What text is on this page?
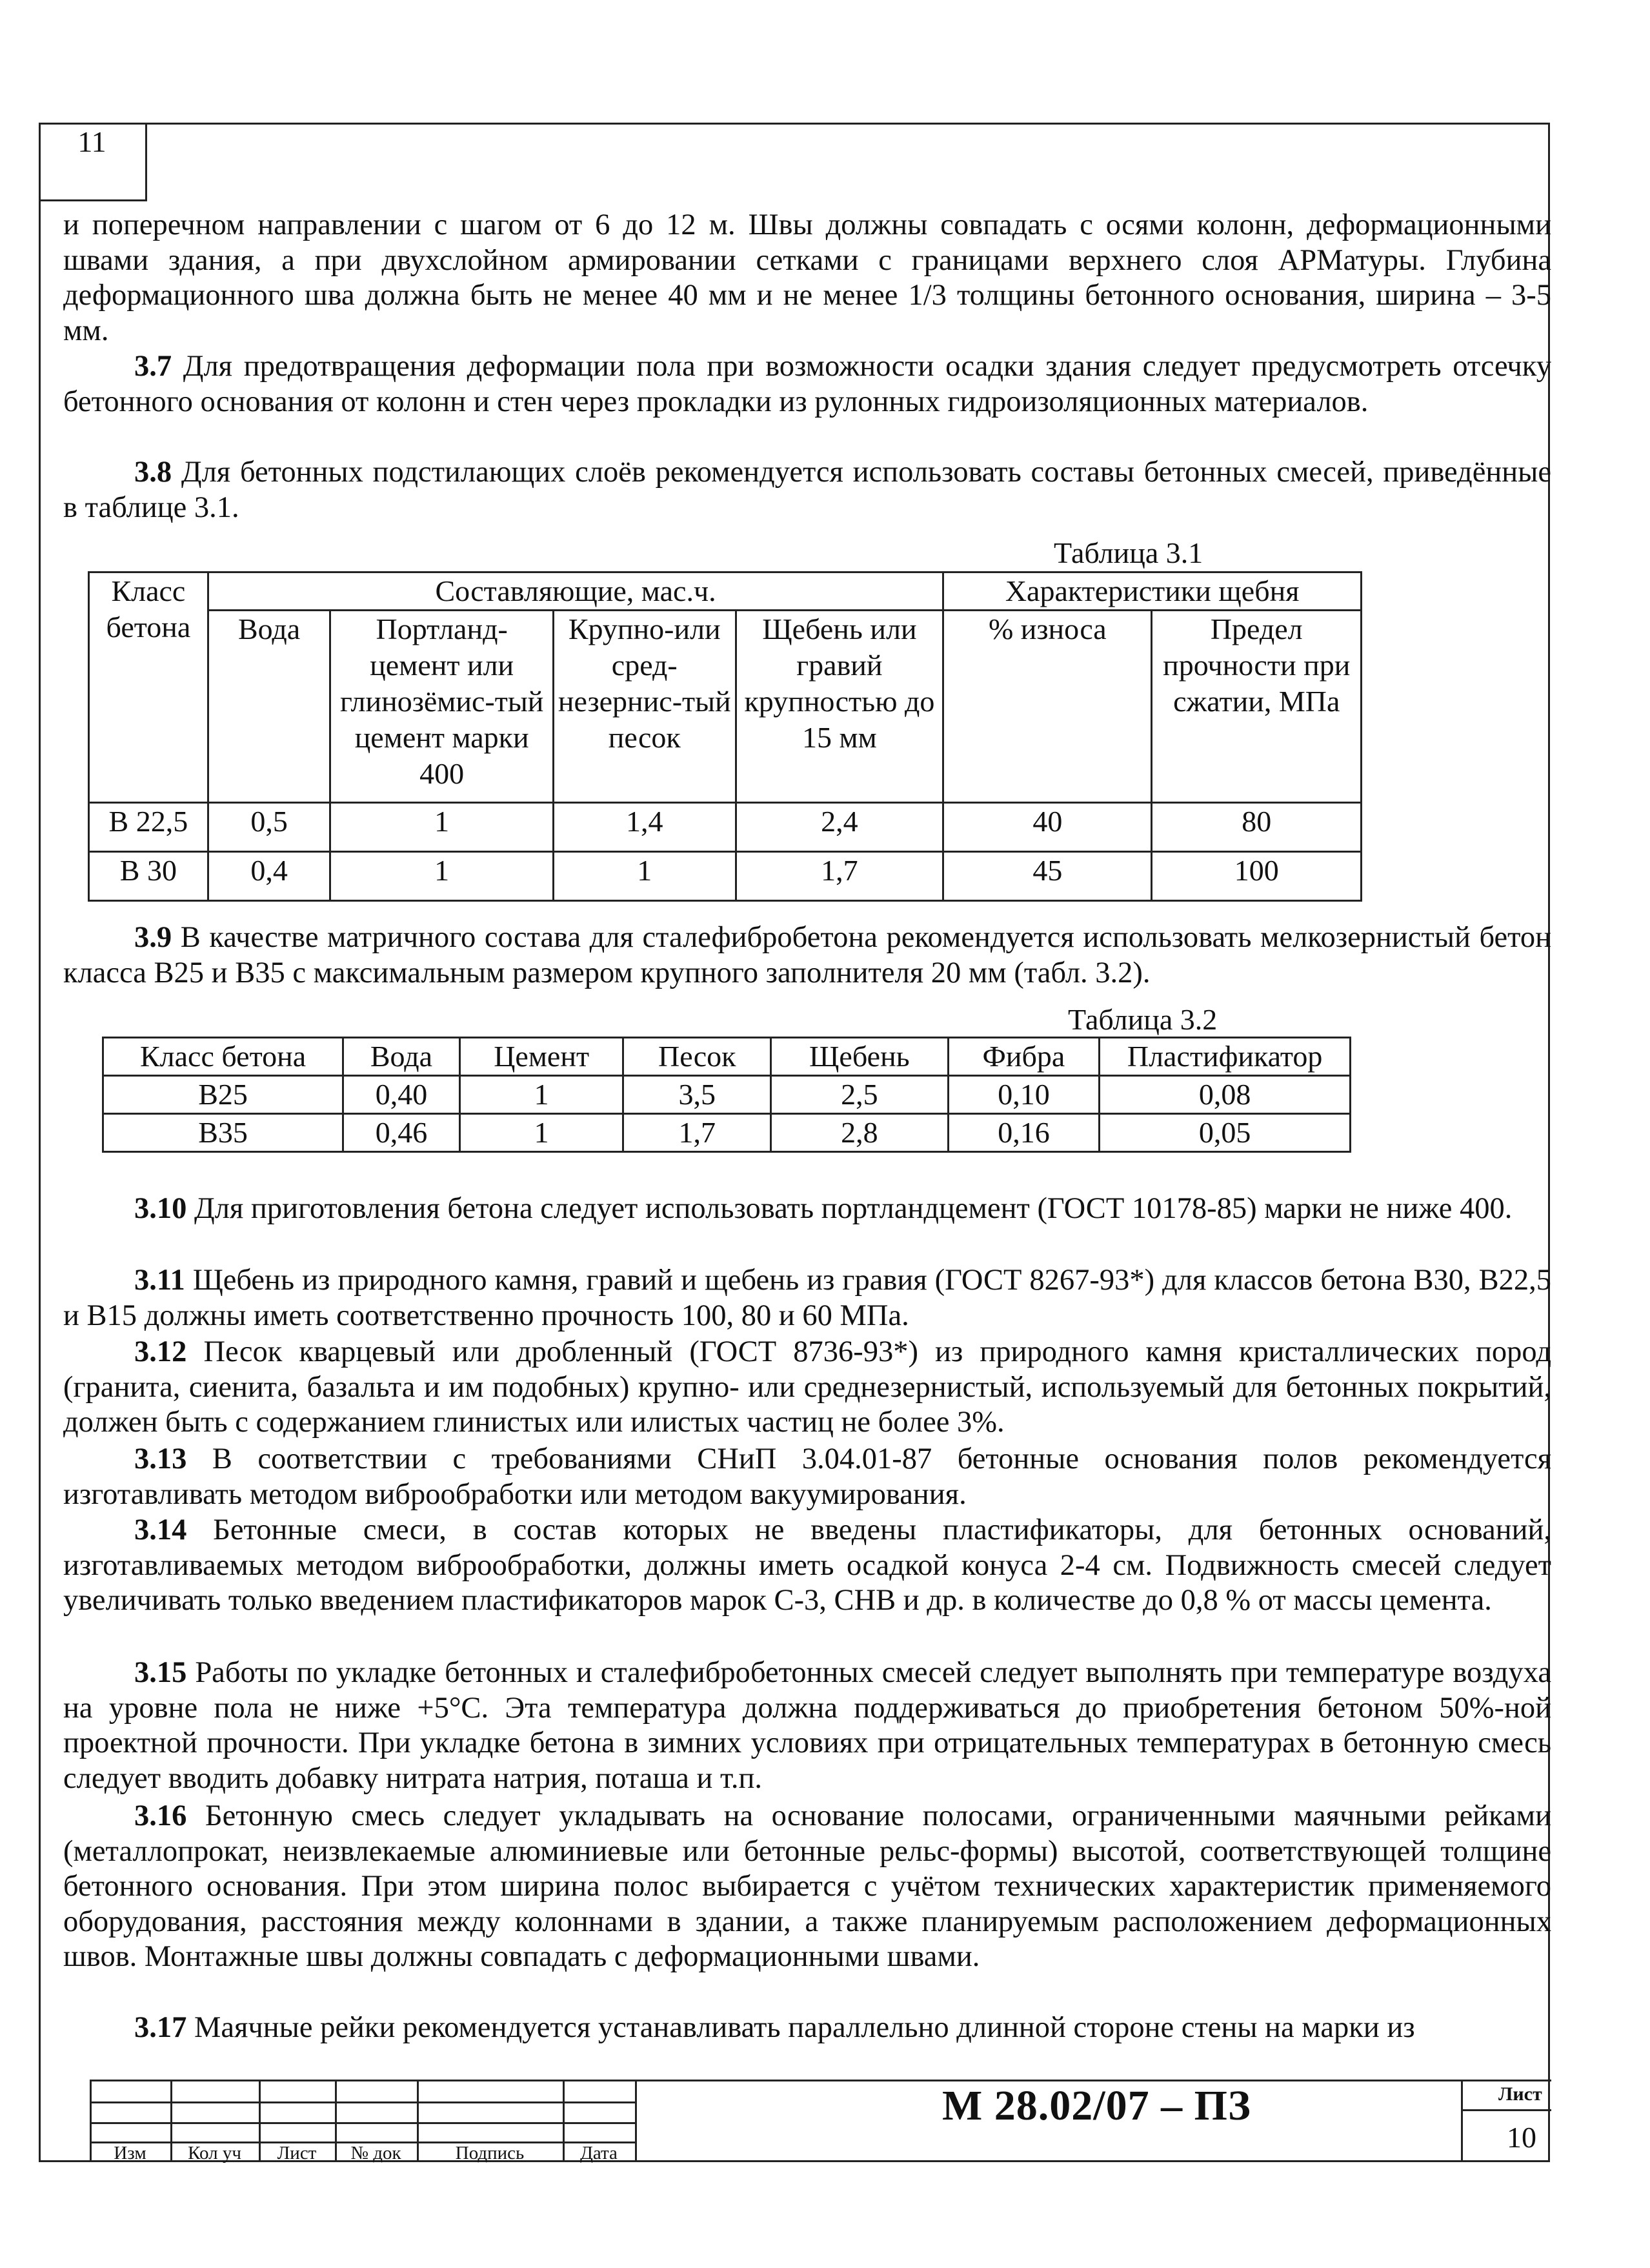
11

и поперечном направлении с шагом от 6 до 12 м. Швы должны совпадать с осями колонн, деформационными швами здания, а при двухслойном армировании сетками с границами верхнего слоя АРМатуры. Глубина деформационного шва должна быть не менее 40 мм и не менее 1/3 толщины бетонного основания, ширина – 3-5 мм.

3.7 Для предотвращения деформации пола при возможности осадки здания следует предусмотреть отсечку бетонного основания от колонн и стен через прокладки из рулонных гидроизоляционных материалов.

3.8 Для бетонных подстилающих слоёв рекомендуется использовать составы бетонных смесей, приведённые в таблице 3.1.

Таблица 3.1
Класс бетона	Составляющие, мас.ч.				Характеристики щебня	
	Вода	Портланд-цемент или глинозёмис-тый цемент марки 400	Крупно-или сред-незернис-тый песок	Щебень или гравий крупностью до 15 мм	% износа	Предел прочности при сжатии, МПа
В 22,5	0,5	1	1,4	2,4	40	80
В 30	0,4	1	1	1,7	45	100

3.9 В качестве матричного состава для сталефибробетона рекомендуется использовать мелкозернистый бетон класса В25 и В35 с максимальным размером крупного заполнителя 20 мм (табл. 3.2).

Таблица 3.2
Класс бетона	Вода	Цемент	Песок	Щебень	Фибра	Пластификатор
В25	0,40	1	3,5	2,5	0,10	0,08
В35	0,46	1	1,7	2,8	0,16	0,05

3.10 Для приготовления бетона следует использовать портландцемент (ГОСТ 10178-85) марки не ниже 400.

3.11 Щебень из природного камня, гравий и щебень из гравия (ГОСТ 8267-93*) для классов бетона В30, В22,5 и В15 должны иметь соответственно прочность 100, 80 и 60 МПа.

3.12 Песок кварцевый или дробленный (ГОСТ 8736-93*) из природного камня кристаллических пород (гранита, сиенита, базальта и им подобных) крупно- или среднезернистый, используемый для бетонных покрытий, должен быть с содержанием глинистых или илистых частиц не более 3%.

3.13 В соответствии с требованиями СНиП 3.04.01-87 бетонные основания полов рекомендуется изготавливать методом виброобработки или методом вакуумирования.

3.14 Бетонные смеси, в состав которых не введены пластификаторы, для бетонных оснований, изготавливаемых методом виброобработки, должны иметь осадкой конуса 2-4 см. Подвижность смесей следует увеличивать только введением пластификаторов марок С-3, СНВ и др. в количестве до 0,8 % от массы цемента.

3.15 Работы по укладке бетонных и сталефибробетонных смесей следует выполнять при температуре воздуха на уровне пола не ниже +5°С. Эта температура должна поддерживаться до приобретения бетоном 50%-ной проектной прочности. При укладке бетона в зимних условиях при отрицательных температурах в бетонную смесь следует вводить добавку нитрата натрия, поташа и т.п.

3.16 Бетонную смесь следует укладывать на основание полосами, ограниченными маячными рейками (металлопрокат, неизвлекаемые алюминиевые или бетонные рельс-формы) высотой, соответствующей толщине бетонного основания. При этом ширина полос выбирается с учётом технических характеристик применяемого оборудования, расстояния между колоннами в здании, а также планируемым расположением деформационных швов. Монтажные швы должны совпадать с деформационными швами.

3.17 Маячные рейки рекомендуется устанавливать параллельно длинной стороне стены на марки из

Изм	Кол уч	Лист	№ док	Подпись	Дата
М 28.02/07 – ПЗ	Лист
10
